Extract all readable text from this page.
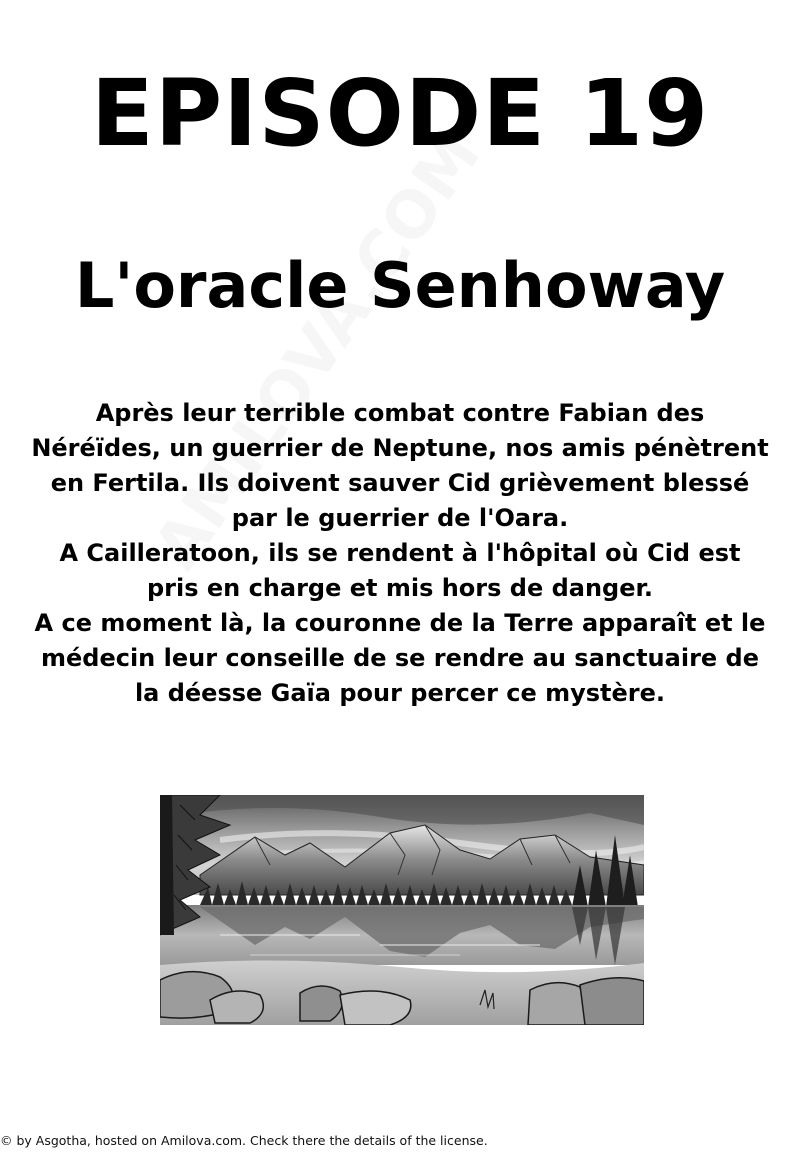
EPISODE 19
L'oracle Senhoway

Après leur terrible combat contre Fabian des Néréïdes, un guerrier de Neptune, nos amis pénètrent en Fertila. Ils doivent sauver Cid grièvement blessé par le guerrier de l'Oara.

A Cailleratoon, ils se rendent à l'hôpital où Cid est pris en charge et mis hors de danger.

A ce moment là, la couronne de la Terre apparaît et le médecin leur conseille de se rendre au sanctuaire de la déesse Gaïa pour percer ce mystère.

© by Asgotha, hosted on Amilova.com. Check there the details of the license.
